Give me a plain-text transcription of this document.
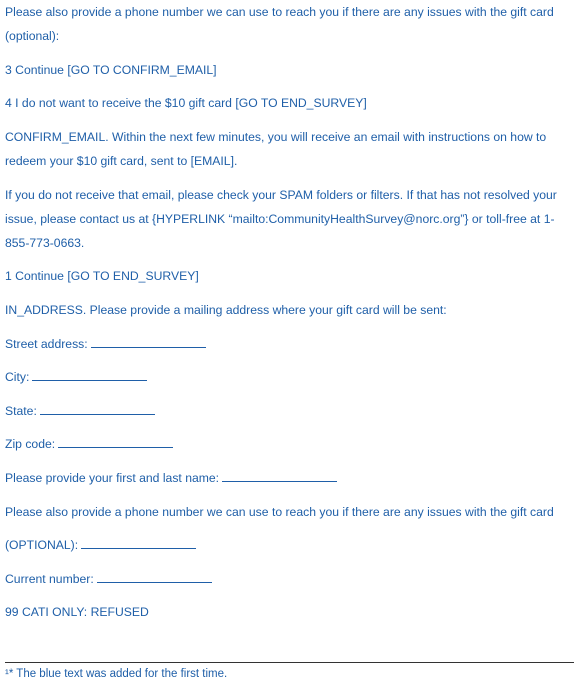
Please also provide a phone number we can use to reach you if there are any issues with the gift card (optional):

3 Continue [GO TO CONFIRM_EMAIL]

4 I do not want to receive the $10 gift card [GO TO END_SURVEY]

CONFIRM_EMAIL. Within the next few minutes, you will receive an email with instructions on how to redeem your $10 gift card, sent to [EMAIL].

If you do not receive that email, please check your SPAM folders or filters. If that has not resolved your issue, please contact us at {HYPERLINK “mailto:CommunityHealthSurvey@norc.org”} or toll-free at 1-855-773-0663.

1 Continue [GO TO END_SURVEY]

IN_ADDRESS. Please provide a mailing address where your gift card will be sent:

Street address:

City:

State:

Zip code:

Please provide your first and last name:

Please also provide a phone number we can use to reach you if there are any issues with the gift card

(OPTIONAL):

Current number:

99 CATI ONLY: REFUSED

¹* The blue text was added for the first time.
